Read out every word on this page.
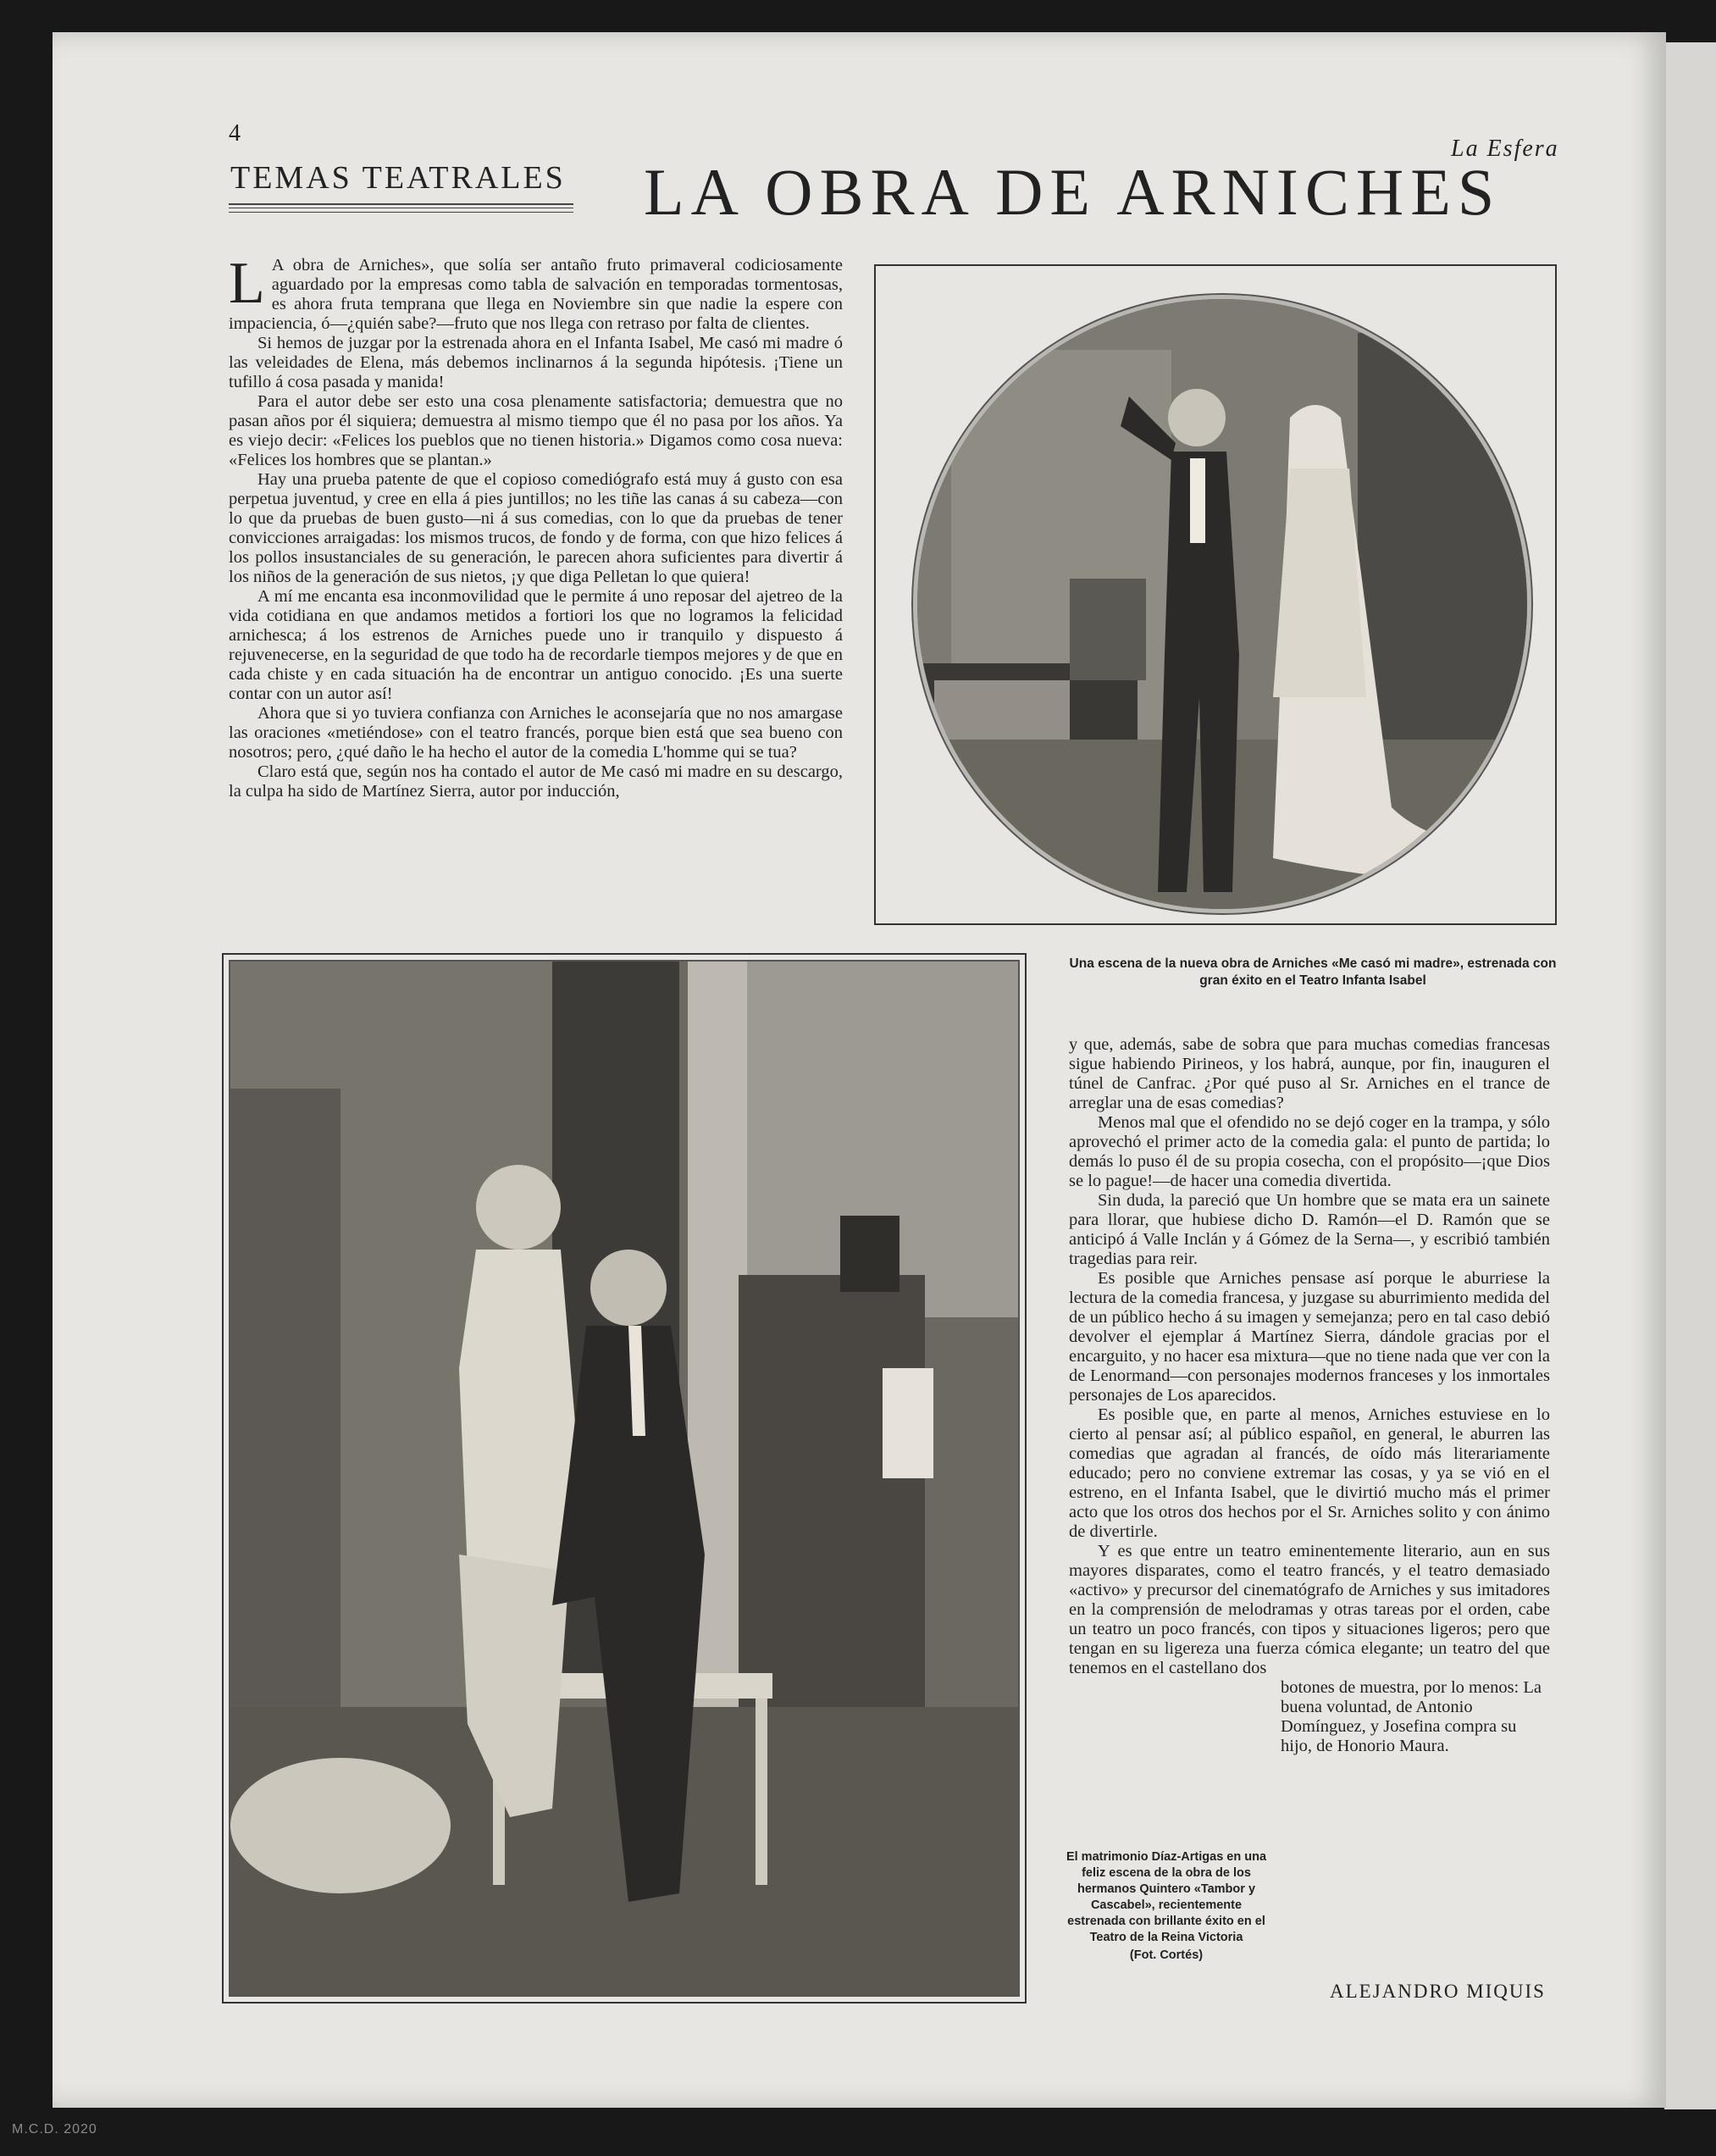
4
La Esfera
TEMAS TEATRALES LA OBRA DE ARNICHES

L A obra de Arniches», que solía ser antaño fruto primaveral codiciosamente aguardado por la empresas como tabla de salvación en temporadas tormentosas, es ahora fruta temprana que llega en Noviembre sin que nadie la espere con impaciencia, ó—¿quién sabe?—fruto que nos llega con retraso por falta de clientes.

Si hemos de juzgar por la estrenada ahora en el Infanta Isabel, Me casó mi madre ó las veleidades de Elena, más debemos inclinarnos á la segunda hipótesis. ¡Tiene un tufillo á cosa pasada y manida!

Para el autor debe ser esto una cosa plenamente satisfactoria; demuestra que no pasan años por él siquiera; demuestra al mismo tiempo que él no pasa por los años. Ya es viejo decir: «Felices los pueblos que no tienen historia.» Digamos como cosa nueva: «Felices los hombres que se plantan.»

Hay una prueba patente de que el copioso comediógrafo está muy á gusto con esa perpetua juventud, y cree en ella á pies juntillos; no les tiñe las canas á su cabeza—con lo que da pruebas de buen gusto—ni á sus comedias, con lo que da pruebas de tener convicciones arraigadas: los mismos trucos, de fondo y de forma, con que hizo felices á los pollos insustanciales de su generación, le parecen ahora suficientes para divertir á los niños de la generación de sus nietos, ¡y que diga Pelletan lo que quiera!

A mí me encanta esa inconmovilidad que le permite á uno reposar del ajetreo de la vida cotidiana en que andamos metidos a fortiori los que no logramos la felicidad arnichesca; á los estrenos de Arniches puede uno ir tranquilo y dispuesto á rejuvenecerse, en la seguridad de que todo ha de recordarle tiempos mejores y de que en cada chiste y en cada situación ha de encontrar un antiguo conocido. ¡Es una suerte contar con un autor así!

Ahora que si yo tuviera confianza con Arniches le aconsejaría que no nos amargase las oraciones «metiéndose» con el teatro francés, porque bien está que sea bueno con nosotros; pero, ¿qué daño le ha hecho el autor de la comedia L'homme qui se tua?

Claro está que, según nos ha contado el autor de Me casó mi madre en su descargo, la culpa ha sido de Martínez Sierra, autor por inducción,

Una escena de la nueva obra de Arniches «Me casó mi madre», estrenada con gran éxito en el Teatro Infanta Isabel

y que, además, sabe de sobra que para muchas comedias francesas sigue habiendo Pirineos, y los habrá, aunque, por fin, inauguren el túnel de Canfrac. ¿Por qué puso al Sr. Arniches en el trance de arreglar una de esas comedias?

Menos mal que el ofendido no se dejó coger en la trampa, y sólo aprovechó el primer acto de la comedia gala: el punto de partida; lo demás lo puso él de su propia cosecha, con el propósito—¡que Dios se lo pague!—de hacer una comedia divertida.

Sin duda, la pareció que Un hombre que se mata era un sainete para llorar, que hubiese dicho D. Ramón—el D. Ramón que se anticipó á Valle Inclán y á Gómez de la Serna—, y escribió también tragedias para reir.

Es posible que Arniches pensase así porque le aburriese la lectura de la comedia francesa, y juzgase su aburrimiento medida del de un público hecho á su imagen y semejanza; pero en tal caso debió devolver el ejemplar á Martínez Sierra, dándole gracias por el encarguito, y no hacer esa mixtura—que no tiene nada que ver con la de Lenormand—con personajes modernos franceses y los inmortales personajes de Los aparecidos.

Es posible que, en parte al menos, Arniches estuviese en lo cierto al pensar así; al público español, en general, le aburren las comedias que agradan al francés, de oído más literariamente educado; pero no conviene extremar las cosas, y ya se vió en el estreno, en el Infanta Isabel, que le divirtió mucho más el primer acto que los otros dos hechos por el Sr. Arniches solito y con ánimo de divertirle.

Y es que entre un teatro eminentemente literario, aun en sus mayores disparates, como el teatro francés, y el teatro demasiado «activo» y precursor del cinematógrafo de Arniches y sus imitadores en la comprensión de melodramas y otras tareas por el orden, cabe un teatro un poco francés, con tipos y situaciones ligeros; pero que tengan en su ligereza una fuerza cómica elegante; un teatro del que tenemos en el castellano dos

botones de muestra, por lo menos: La buena voluntad, de Antonio Domínguez, y Josefina compra su hijo, de Honorio Maura.

El matrimonio Díaz-Artigas en una feliz escena de la obra de los hermanos Quintero «Tambor y Cascabel», recientemente estrenada con brillante éxito en el Teatro de la Reina Victoria
(Fot. Cortés)
ALEJANDRO MIQUIS
M.C.D. 2020
